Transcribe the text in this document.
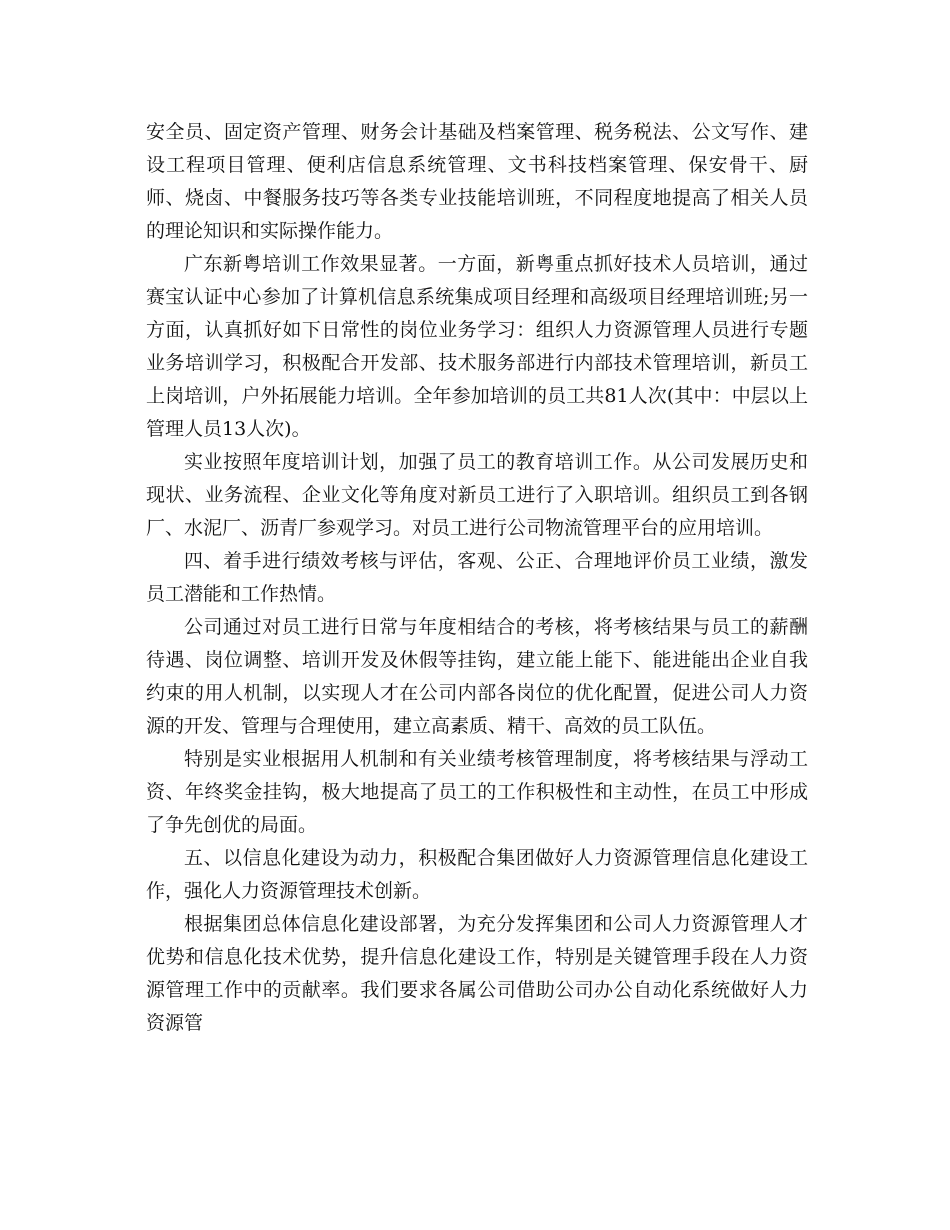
安全员、固定资产管理、财务会计基础及档案管理、税务税法、公文写作、建设工程项目管理、便利店信息系统管理、文书科技档案管理、保安骨干、厨师、烧卤、中餐服务技巧等各类专业技能培训班，不同程度地提高了相关人员的理论知识和实际操作能力。

广东新粤培训工作效果显著。一方面，新粤重点抓好技术人员培训，通过赛宝认证中心参加了计算机信息系统集成项目经理和高级项目经理培训班;另一方面，认真抓好如下日常性的岗位业务学习：组织人力资源管理人员进行专题业务培训学习，积极配合开发部、技术服务部进行内部技术管理培训，新员工上岗培训，户外拓展能力培训。全年参加培训的员工共81人次(其中：中层以上管理人员13人次)。

实业按照年度培训计划，加强了员工的教育培训工作。从公司发展历史和现状、业务流程、企业文化等角度对新员工进行了入职培训。组织员工到各钢厂、水泥厂、沥青厂参观学习。对员工进行公司物流管理平台的应用培训。

四、着手进行绩效考核与评估，客观、公正、合理地评价员工业绩，激发员工潜能和工作热情。

公司通过对员工进行日常与年度相结合的考核，将考核结果与员工的薪酬待遇、岗位调整、培训开发及休假等挂钩，建立能上能下、能进能出企业自我约束的用人机制，以实现人才在公司内部各岗位的优化配置，促进公司人力资源的开发、管理与合理使用，建立高素质、精干、高效的员工队伍。

特别是实业根据用人机制和有关业绩考核管理制度，将考核结果与浮动工资、年终奖金挂钩，极大地提高了员工的工作积极性和主动性，在员工中形成了争先创优的局面。

五、以信息化建设为动力，积极配合集团做好人力资源管理信息化建设工作，强化人力资源管理技术创新。

根据集团总体信息化建设部署，为充分发挥集团和公司人力资源管理人才优势和信息化技术优势，提升信息化建设工作，特别是关键管理手段在人力资源管理工作中的贡献率。我们要求各属公司借助公司办公自动化系统做好人力资源管
